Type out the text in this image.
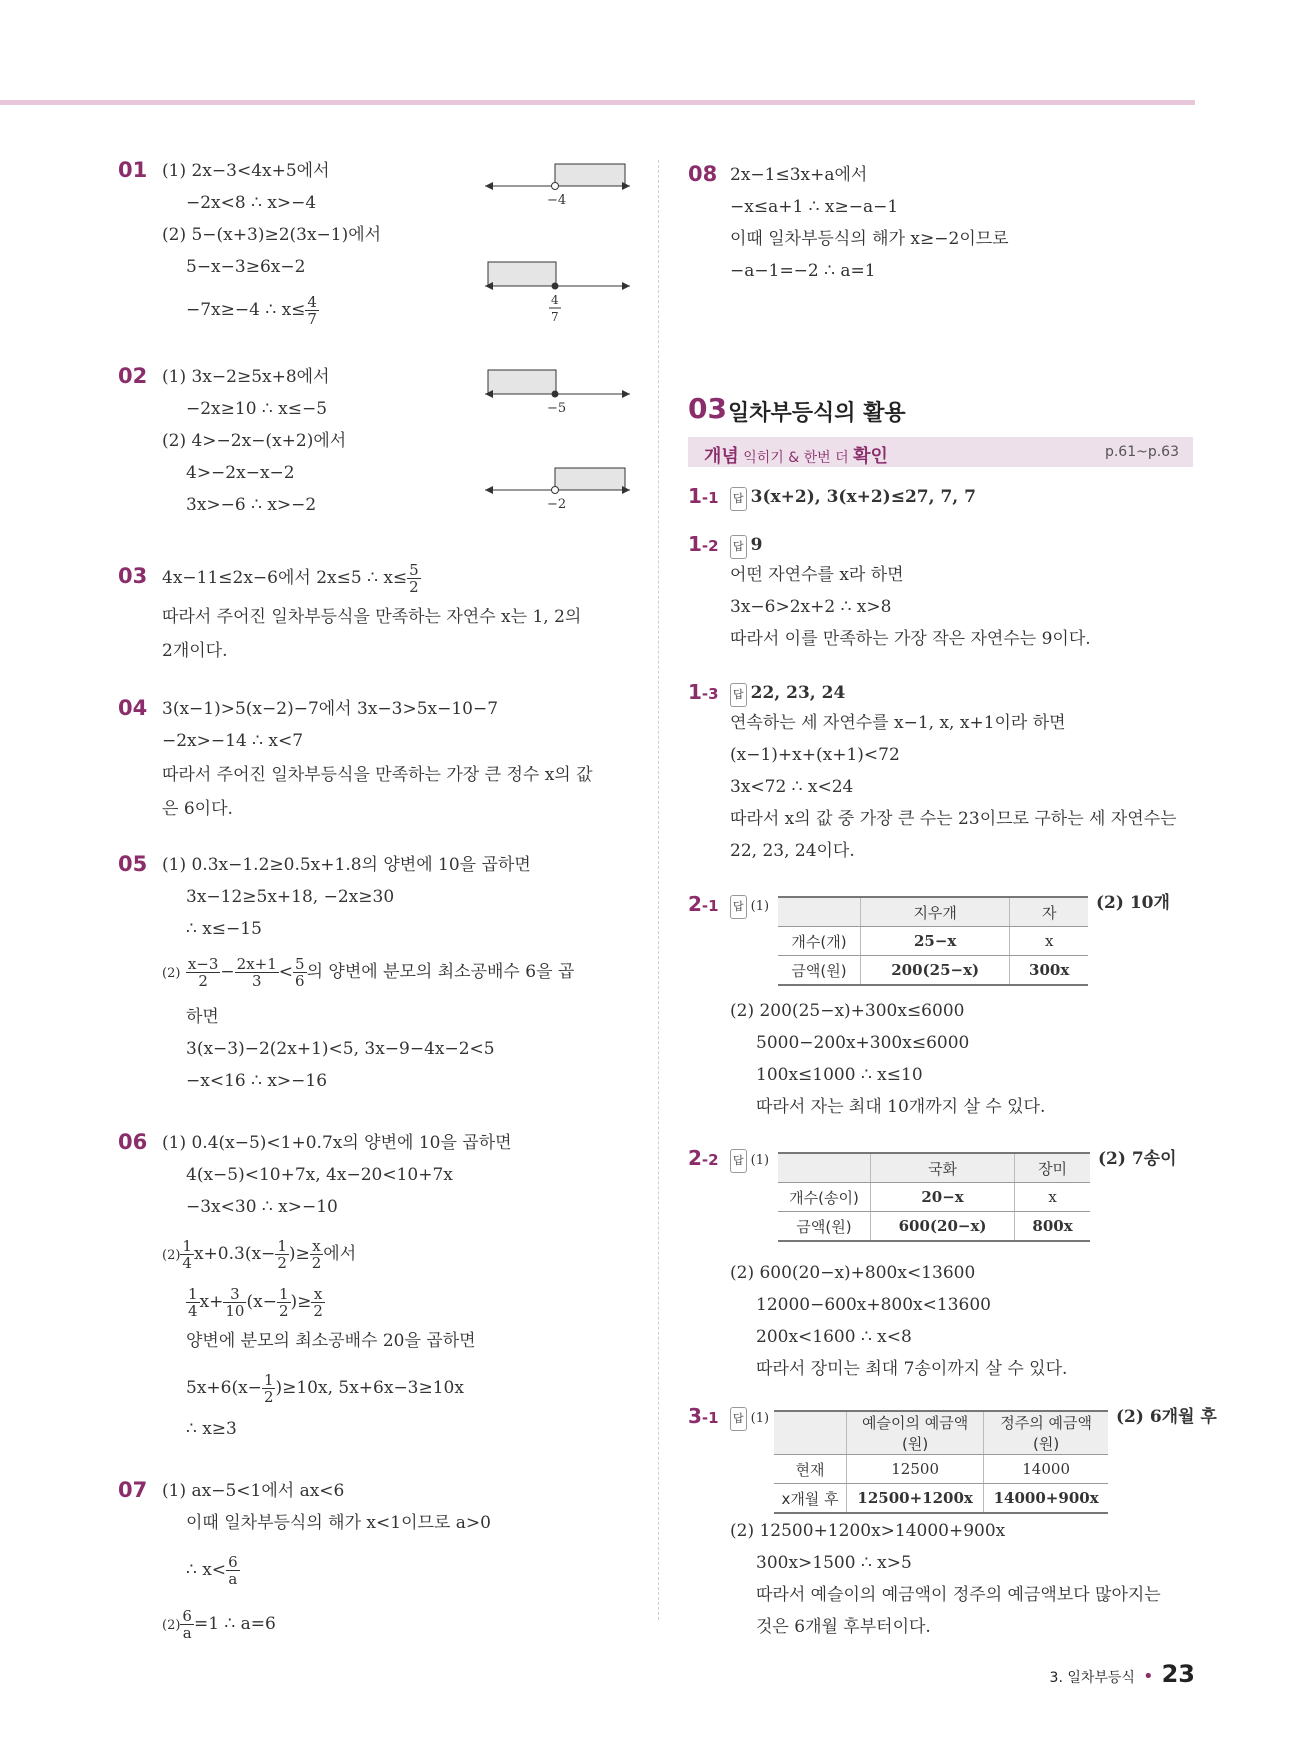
01 (1) 2x−3<4x+5에서
−2x<8 ∴ x>−4
(2) 5−(x+3)≥2(3x−1)에서
5−x−3≥6x−2
−7x≥−4 ∴ $x\le \frac{4}{7}$
−4
4
7
02 (1) 3x−2≥5x+8에서
−2x≥10 ∴ x≤−5
(2) 4>−2x−(x+2)에서
4>−2x−x−2
3x>−6 ∴ x>−2
−5
−2
03 4x−11≤2x−6에서 2x≤5 ∴ $x\le \frac{5}{2}$
따라서 주어진 일차부등식을 만족하는 자연수 x는 1, 2의
2개이다.
04 3(x−1)>5(x−2)−7에서 3x−3>5x−10−7
−2x>−14 ∴ x<7
따라서 주어진 일차부등식을 만족하는 가장 큰 정수 x의 값
은 6이다.
05 (1) 0.3x−1.2≥0.5x+1.8의 양변에 10을 곱하면
3x−12≥5x+18, −2x≥30
∴ x≤−15
$(2) \frac{x-3}{2} - \frac{2x+1}{3} < \frac{5}{6}$ 의 양변에 분모의 최소공배수 6을 곱
하면
3(x−3)−2(2x+1)<5, 3x−9−4x−2<5
−x<16 ∴ x>−16
06 (1) 0.4(x−5)<1+0.7x의 양변에 10을 곱하면
4(x−5)<10+7x, 4x−20<10+7x
−3x<30 ∴ x>−10
$(2) \frac{1}{4} x+0.3(x- \frac{1}{2}$ )≥ $\frac{x}{2}$ 에서
$\frac{1}{4} x+ \frac{3}{10} (x- \frac{1}{2}$ )≥ $\frac{x}{2}$
양변에 분모의 최소공배수 20을 곱하면
$5x+6(x- \frac{1}{2} )\ge 10x$, 5x+6x−3≥10x
∴ x≥3
07 (1) ax−5<1에서 ax<6
이때 일차부등식의 해가 x<1이므로 a>0
∴ $x< \frac{6}{a}$
$(2) \frac{6}{a} =1$ ∴ a=6
08 2x−1≤3x+a에서
−x≤a+1 ∴ x≥−a−1
이때 일차부등식의 해가 x≥−2이므로
−a−1=−2 ∴ a=1
03 일차부등식의 활용
p.61~p.63
개념 익히기 & 한번 더 확인
1-1 답 3(x+2), 3(x+2)≤27, 7, 7
1-2 답 9
어떤 자연수를 x라 하면
3x−6>2x+2 ∴ x>8
따라서 이를 만족하는 가장 작은 자연수는 9이다.
1-3 답 22, 23, 24
연속하는 세 자연수를 x−1, x, x+1이라 하면
(x−1)+x+(x+1)<72
3x<72 ∴ x<24
따라서 x의 값 중 가장 큰 수는 23이므로 구하는 세 자연수는
22, 23, 24이다.
2-1 답 (1)
		지우개	자
개수(개)	25−x	x
금액(원)	200(25−x)	300x
(2) 10개
(2) 200(25−x)+300x≤6000
5000−200x+300x≤6000
100x≤1000 ∴ x≤10
따라서 자는 최대 10개까지 살 수 있다.
2-2 답 (1)
		국화	장미
개수(송이)	20−x	x
금액(원)	600(20−x)	800x
(2) 7송이
(2) 600(20−x)+800x<13600
12000−600x+800x<13600
200x<1600 ∴ x<8
따라서 장미는 최대 7송이까지 살 수 있다.
3-1 답 (1)
		예슬이의 예금액(원)	정주의 예금액(원)
현재	12500	14000
x개월 후	12500+1200x	14000+900x
(2) 6개월 후
(2) 12500+1200x>14000+900x
300x>1500 ∴ x>5
따라서 예슬이의 예금액이 정주의 예금액보다 많아지는
것은 6개월 후부터이다.
3. 일차부등식 • 23
